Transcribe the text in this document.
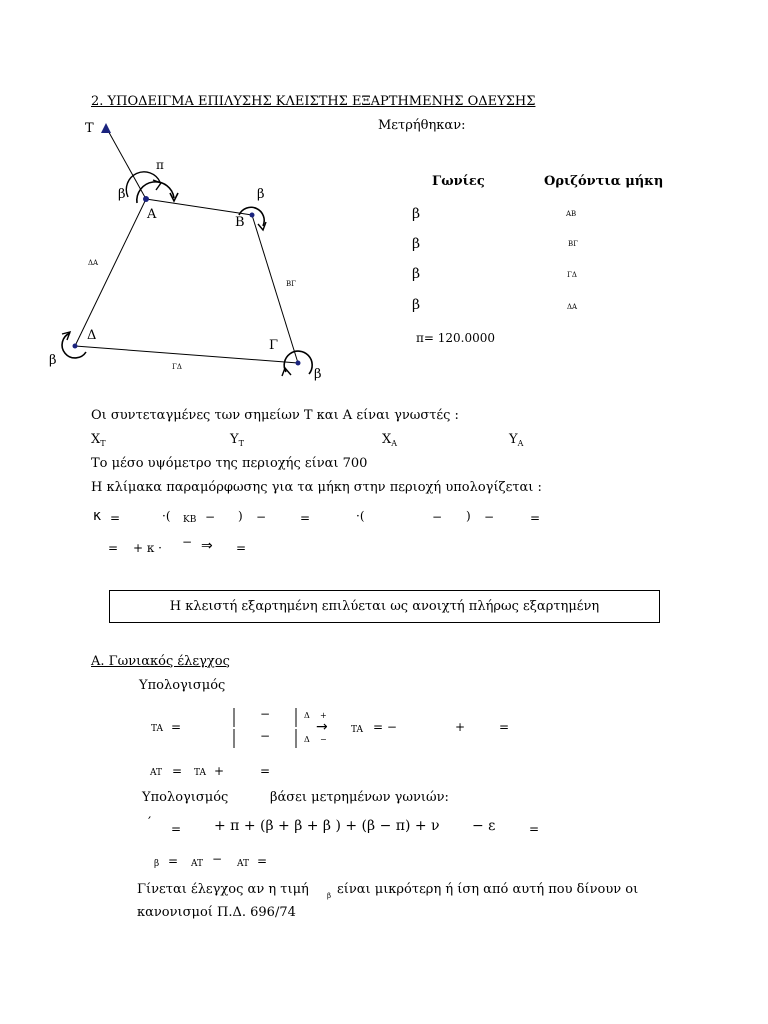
2. ΥΠΟΔΕΙΓΜΑ ΕΠΙΛΥΣΗΣ ΚΛΕΙΣΤΗΣ ΕΞΑΡΤΗΜΕΝΗΣ ΟΔΕΥΣΗΣ
T
A
B
Γ
Δ
π
β	β
β
β
ΔA
BΓ
ΓΔ
Μετρήθηκαν:
Γωνίες	Οριζόντια μήκη
β	AB
β	BΓ
β	ΓΔ
β	ΔA
π= 120.0000
Οι συντεταγμένες των σημείων T και A είναι γνωστές :
$X_T$	$Y_T$	$X_A$	$Y_A$
Το μέσο υψόμετρο της περιοχής είναι 700
Η κλίμακα παραμόρφωσης για τα μήκη στην περιοχή υπολογίζεται :
κ =	·( KB − ) −	=	·(	− ) −	=
= + κ · − ⇒ =
Η κλειστή εξαρτημένη επιλύεται ως ανοιχτή πλήρως εξαρτημένη
A. Γωνιακός έλεγχος
Υπολογισμός
TA =
−
−
Δ +
Δ −
→	TA = −	+	=
AT = TA +	=
Υπολογισμός	βάσει μετρημένων γωνιών:
′ = + π + (β + β + β ) + (β − π) + ν − ε	=
β = AT − AT =
Γίνεται έλεγχος αν η τιμή	β είναι μικρότερη ή ίση από αυτή που δίνουν οι
κανονισμοί Π.Δ. 696/74
